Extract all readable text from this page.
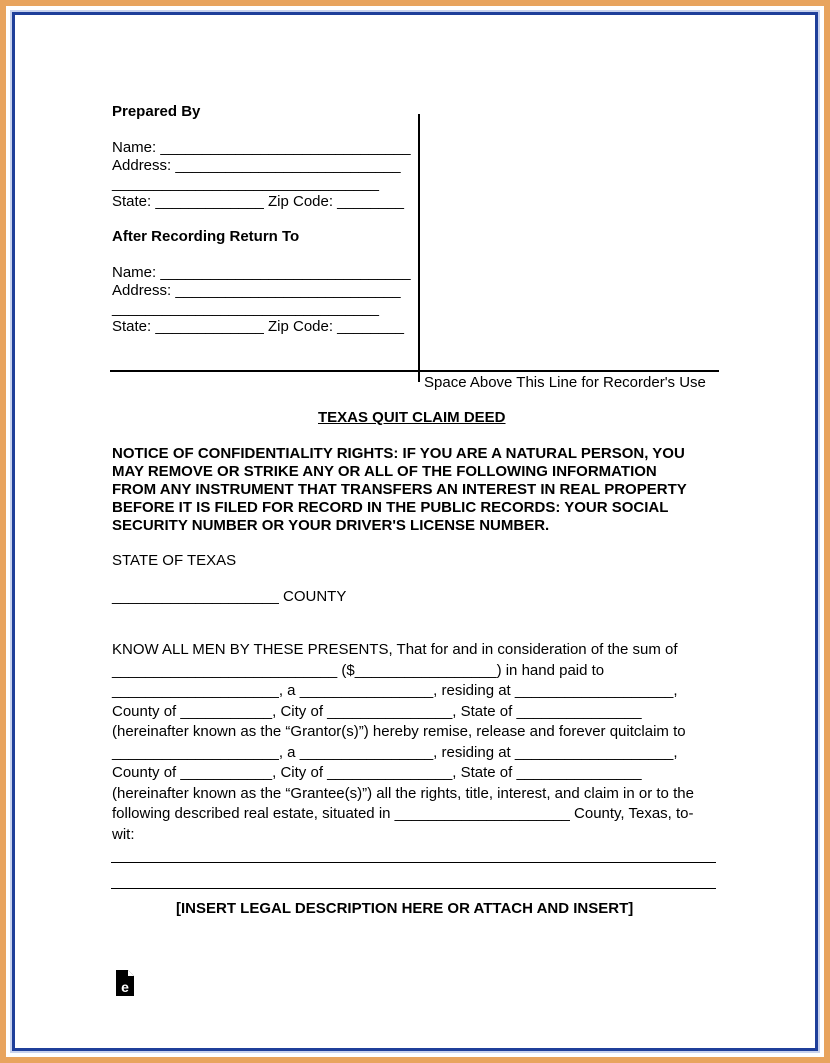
Prepared By
Name: ______________________________
Address: ___________________________
________________________________
State: _____________ Zip Code: ________
After Recording Return To
Name: ______________________________
Address: ___________________________
________________________________
State: _____________ Zip Code: ________
Space Above This Line for Recorder's Use
TEXAS QUIT CLAIM DEED
NOTICE OF CONFIDENTIALITY RIGHTS: IF YOU ARE A NATURAL PERSON, YOU
MAY REMOVE OR STRIKE ANY OR ALL OF THE FOLLOWING INFORMATION
FROM ANY INSTRUMENT THAT TRANSFERS AN INTEREST IN REAL PROPERTY
BEFORE IT IS FILED FOR RECORD IN THE PUBLIC RECORDS: YOUR SOCIAL
SECURITY NUMBER OR YOUR DRIVER'S LICENSE NUMBER.
STATE OF TEXAS
____________________ COUNTY
KNOW ALL MEN BY THESE PRESENTS, That for and in consideration of the sum of
___________________________ ($_________________) in hand paid to
____________________, a ________________, residing at ___________________,
County of ___________, City of _______________, State of _______________
(hereinafter known as the “Grantor(s)”) hereby remise, release and forever quitclaim to
____________________, a ________________, residing at ___________________,
County of ___________, City of _______________, State of _______________
(hereinafter known as the “Grantee(s)”) all the rights, title, interest, and claim in or to the
following described real estate, situated in _____________________ County, Texas, to-
wit:
[INSERT LEGAL DESCRIPTION HERE OR ATTACH AND INSERT]
e
